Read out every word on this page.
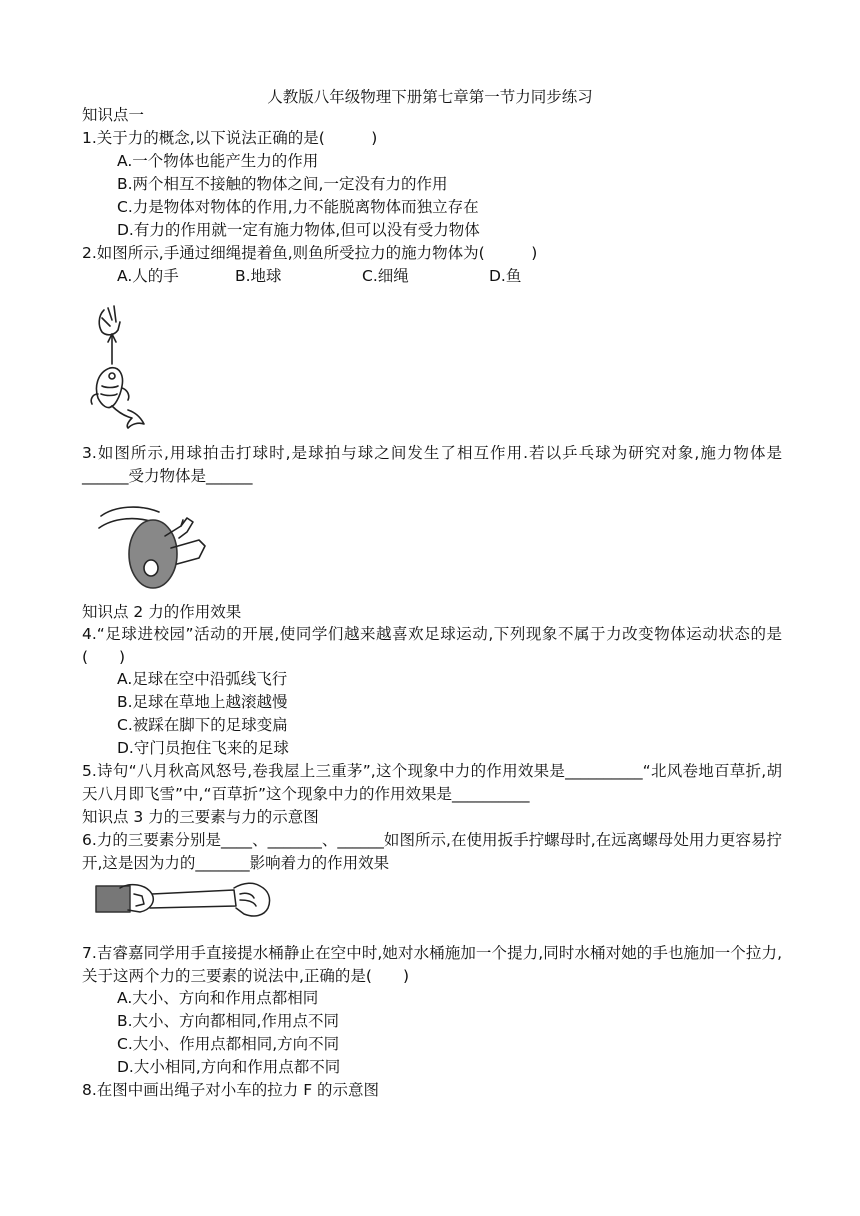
人教版八年级物理下册第七章第一节力同步练习
知识点一
1.关于力的概念,以下说法正确的是(　　　)
A.一个物体也能产生力的作用
B.两个相互不接触的物体之间,一定没有力的作用
C.力是物体对物体的作用,力不能脱离物体而独立存在
D.有力的作用就一定有施力物体,但可以没有受力物体
2.如图所示,手通过细绳提着鱼,则鱼所受拉力的施力物体为(　　　)
A.人的手	B.地球	C.细绳	D.鱼
3.如图所示,用球拍击打球时,是球拍与球之间发生了相互作用.若以乒乓球为研究对象,施力物体是______受力物体是______
知识点 2 力的作用效果
4.“足球进校园”活动的开展,使同学们越来越喜欢足球运动,下列现象不属于力改变物体运动状态的是(　　)
A.足球在空中沿弧线飞行
B.足球在草地上越滚越慢
C.被踩在脚下的足球变扁
D.守门员抱住飞来的足球
5.诗句“八月秋高风怒号,卷我屋上三重茅”,这个现象中力的作用效果是__________“北风卷地百草折,胡天八月即飞雪”中,“百草折”这个现象中力的作用效果是__________
知识点 3 力的三要素与力的示意图
6.力的三要素分别是____、_______、______如图所示,在使用扳手拧螺母时,在远离螺母处用力更容易拧开,这是因为力的_______影响着力的作用效果
7.吉睿嘉同学用手直接提水桶静止在空中时,她对水桶施加一个提力,同时水桶对她的手也施加一个拉力,关于这两个力的三要素的说法中,正确的是(　　)
A.大小、方向和作用点都相同
B.大小、方向都相同,作用点不同
C.大小、作用点都相同,方向不同
D.大小相同,方向和作用点都不同
8.在图中画出绳子对小车的拉力 F 的示意图
